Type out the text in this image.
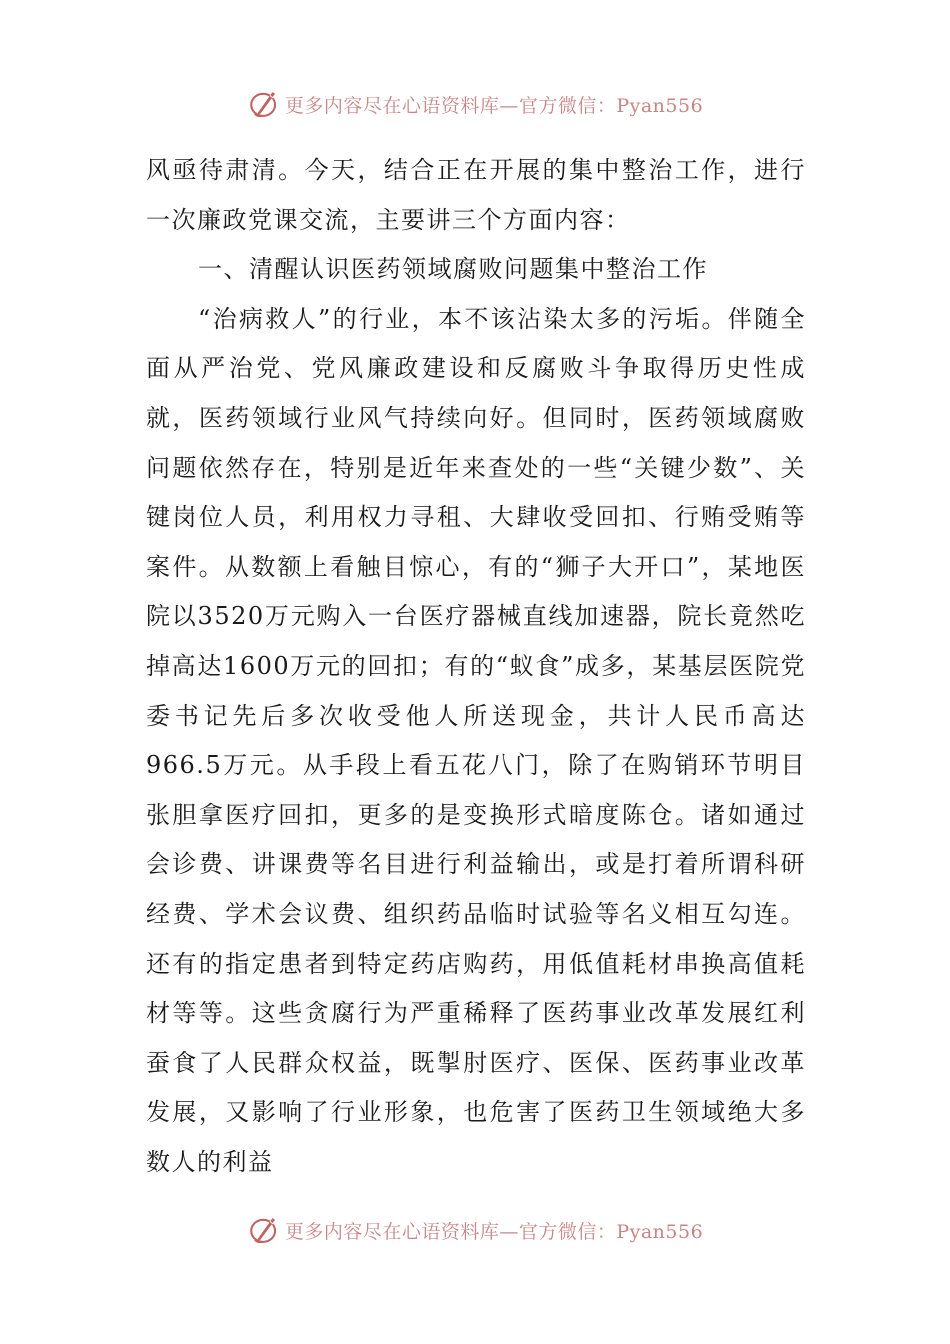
更多内容尽在心语资料库—官方微信：Pyan556

风亟待肃清。今天，结合正在开展的集中整治工作，进行一次廉政党课交流，主要讲三个方面内容：

一、清醒认识医药领域腐败问题集中整治工作

“治病救人”的行业，本不该沾染太多的污垢。伴随全面从严治党、党风廉政建设和反腐败斗争取得历史性成就，医药领域行业风气持续向好。但同时，医药领域腐败问题依然存在，特别是近年来查处的一些“关键少数”、关键岗位人员，利用权力寻租、大肆收受回扣、行贿受贿等案件。从数额上看触目惊心，有的“狮子大开口”，某地医院以3520万元购入一台医疗器械直线加速器，院长竟然吃掉高达1600万元的回扣；有的“蚁食”成多，某基层医院党委书记先后多次收受他人所送现金，共计人民币高达966.5万元。从手段上看五花八门，除了在购销环节明目张胆拿医疗回扣，更多的是变换形式暗度陈仓。诸如通过会诊费、讲课费等名目进行利益输出，或是打着所谓科研经费、学术会议费、组织药品临时试验等名义相互勾连。还有的指定患者到特定药店购药，用低值耗材串换高值耗材等等。这些贪腐行为严重稀释了医药事业改革发展红利蚕食了人民群众权益，既掣肘医疗、医保、医药事业改革发展，又影响了行业形象，也危害了医药卫生领域绝大多数人的利益

更多内容尽在心语资料库—官方微信：Pyan556
